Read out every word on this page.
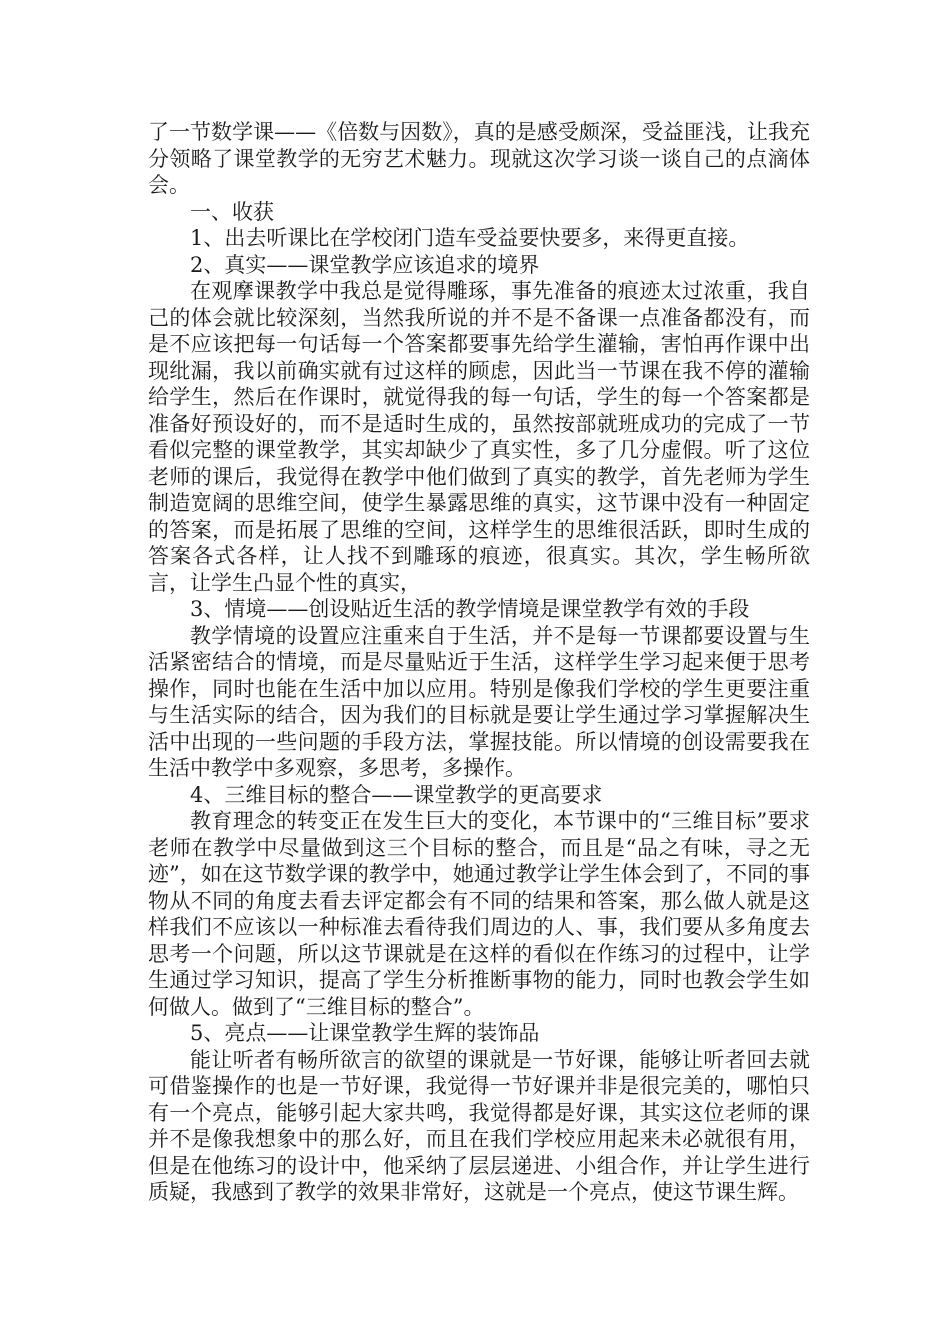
了一节数学课——《倍数与因数》，真的是感受颇深，受益匪浅，让我充分领略了课堂教学的无穷艺术魅力。现就这次学习谈一谈自己的点滴体会。

一、收获

1、出去听课比在学校闭门造车受益要快要多，来得更直接。

2、真实——课堂教学应该追求的境界

在观摩课教学中我总是觉得雕琢，事先准备的痕迹太过浓重，我自己的体会就比较深刻，当然我所说的并不是不备课一点准备都没有，而是不应该把每一句话每一个答案都要事先给学生灌输，害怕再作课中出现纰漏，我以前确实就有过这样的顾虑，因此当一节课在我不停的灌输给学生，然后在作课时，就觉得我的每一句话，学生的每一个答案都是准备好预设好的，而不是适时生成的，虽然按部就班成功的完成了一节看似完整的课堂教学，其实却缺少了真实性，多了几分虚假。听了这位老师的课后，我觉得在教学中他们做到了真实的教学，首先老师为学生制造宽阔的思维空间，使学生暴露思维的真实，这节课中没有一种固定的答案，而是拓展了思维的空间，这样学生的思维很活跃，即时生成的答案各式各样，让人找不到雕琢的痕迹，很真实。其次，学生畅所欲言，让学生凸显个性的真实，

3、情境——创设贴近生活的教学情境是课堂教学有效的手段

教学情境的设置应注重来自于生活，并不是每一节课都要设置与生活紧密结合的情境，而是尽量贴近于生活，这样学生学习起来便于思考操作，同时也能在生活中加以应用。特别是像我们学校的学生更要注重与生活实际的结合，因为我们的目标就是要让学生通过学习掌握解决生活中出现的一些问题的手段方法，掌握技能。所以情境的创设需要我在生活中教学中多观察，多思考，多操作。

4、三维目标的整合——课堂教学的更高要求

教育理念的转变正在发生巨大的变化，本节课中的“三维目标”要求老师在教学中尽量做到这三个目标的整合，而且是“品之有味，寻之无迹”，如在这节数学课的教学中，她通过教学让学生体会到了，不同的事物从不同的角度去看去评定都会有不同的结果和答案，那么做人就是这样我们不应该以一种标准去看待我们周边的人、事，我们要从多角度去思考一个问题，所以这节课就是在这样的看似在作练习的过程中，让学生通过学习知识，提高了学生分析推断事物的能力，同时也教会学生如何做人。做到了“三维目标的整合”。

5、亮点——让课堂教学生辉的装饰品

能让听者有畅所欲言的欲望的课就是一节好课，能够让听者回去就可借鉴操作的也是一节好课，我觉得一节好课并非是很完美的，哪怕只有一个亮点，能够引起大家共鸣，我觉得都是好课，其实这位老师的课并不是像我想象中的那么好，而且在我们学校应用起来未必就很有用，但是在他练习的设计中，他采纳了层层递进、小组合作，并让学生进行质疑，我感到了教学的效果非常好，这就是一个亮点，使这节课生辉。
